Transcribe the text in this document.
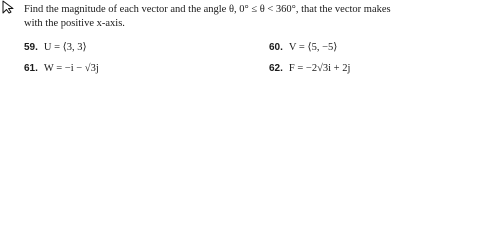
Find the magnitude of each vector and the angle θ, 0° ≤ θ < 360°, that the vector makes
with the positive x-axis.
59. U = ⟨3, 3⟩	60. V = ⟨5, −5⟩
61. W = −i − √3j	62. F = −2√3i + 2j
